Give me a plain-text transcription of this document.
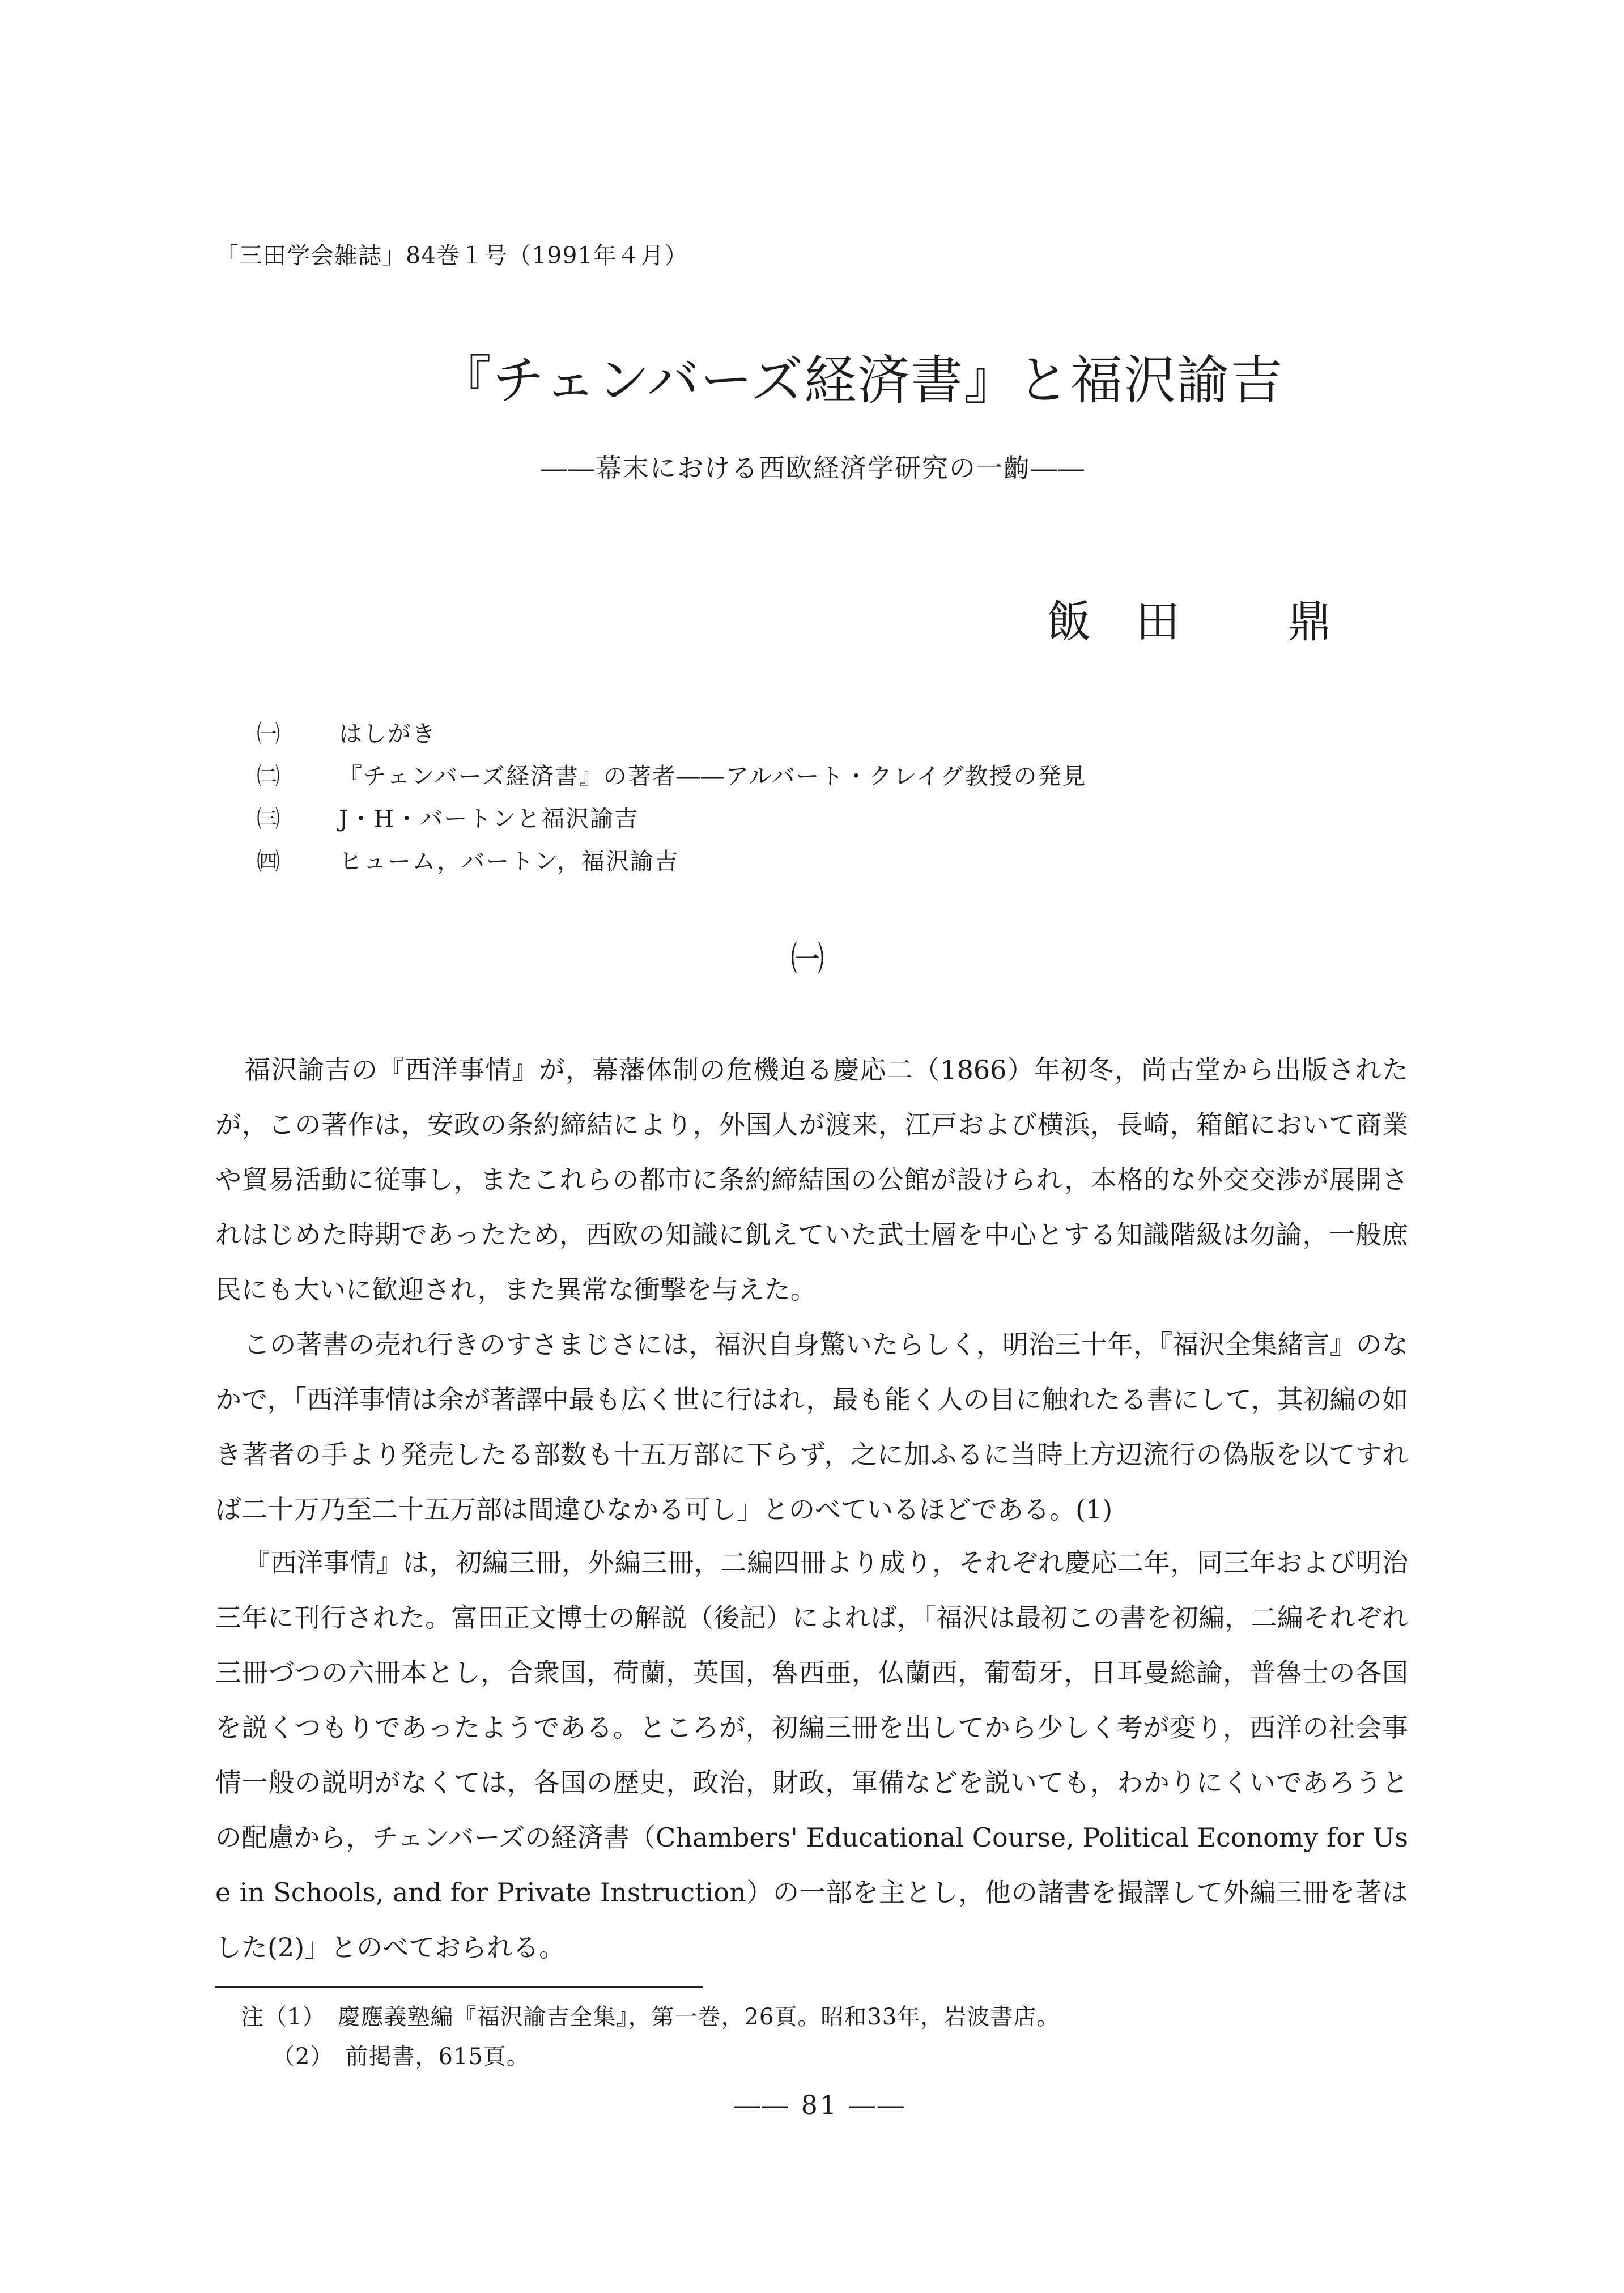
「三田学会雑誌」84巻１号（1991年４月）
『チェンバーズ経済書』と福沢諭吉
――幕末における西欧経済学研究の一齣――
飯　田 鼎
㈠ はしがき
㈡ 『チェンバーズ経済書』の著者――アルバート・クレイグ教授の発見
㈢ J・H・バートンと福沢諭吉
㈣ ヒューム，バートン，福沢諭吉
㈠

福沢諭吉の『西洋事情』が，幕藩体制の危機迫る慶応二（1866）年初冬，尚古堂から出版されたが，この著作は，安政の条約締結により，外国人が渡来，江戸および横浜，長崎，箱館において商業や貿易活動に従事し，またこれらの都市に条約締結国の公館が設けられ，本格的な外交交渉が展開されはじめた時期であったため，西欧の知識に飢えていた武士層を中心とする知識階級は勿論，一般庶民にも大いに歓迎され，また異常な衝撃を与えた。

この著書の売れ行きのすさまじさには，福沢自身驚いたらしく，明治三十年，『福沢全集緒言』のなかで，「西洋事情は余が著譯中最も広く世に行はれ，最も能く人の目に触れたる書にして，其初編の如き著者の手より発売したる部数も十五万部に下らず，之に加ふるに当時上方辺流行の偽版を以てすれば二十万乃至二十五万部は間違ひなかる可し」とのべているほどである。(1)

『西洋事情』は，初編三冊，外編三冊，二編四冊より成り，それぞれ慶応二年，同三年および明治三年に刊行された。富田正文博士の解説（後記）によれば，「福沢は最初この書を初編，二編それぞれ三冊づつの六冊本とし，合衆国，荷蘭，英国，魯西亜，仏蘭西，葡萄牙，日耳曼総論，普魯士の各国を説くつもりであったようである。ところが，初編三冊を出してから少しく考が変り，西洋の社会事情一般の説明がなくては，各国の歴史，政治，財政，軍備などを説いても，わかりにくいであろうとの配慮から，チェンバーズの経済書（Chambers' Educational Course, Political Economy for Use in Schools, and for Private Instruction）の一部を主とし，他の諸書を撮譯して外編三冊を著はした(2)」とのべておられる。

注（1）　慶應義塾編『福沢諭吉全集』，第一巻，26頁。昭和33年，岩波書店。
（2）　前掲書，615頁。
―― 81 ――
